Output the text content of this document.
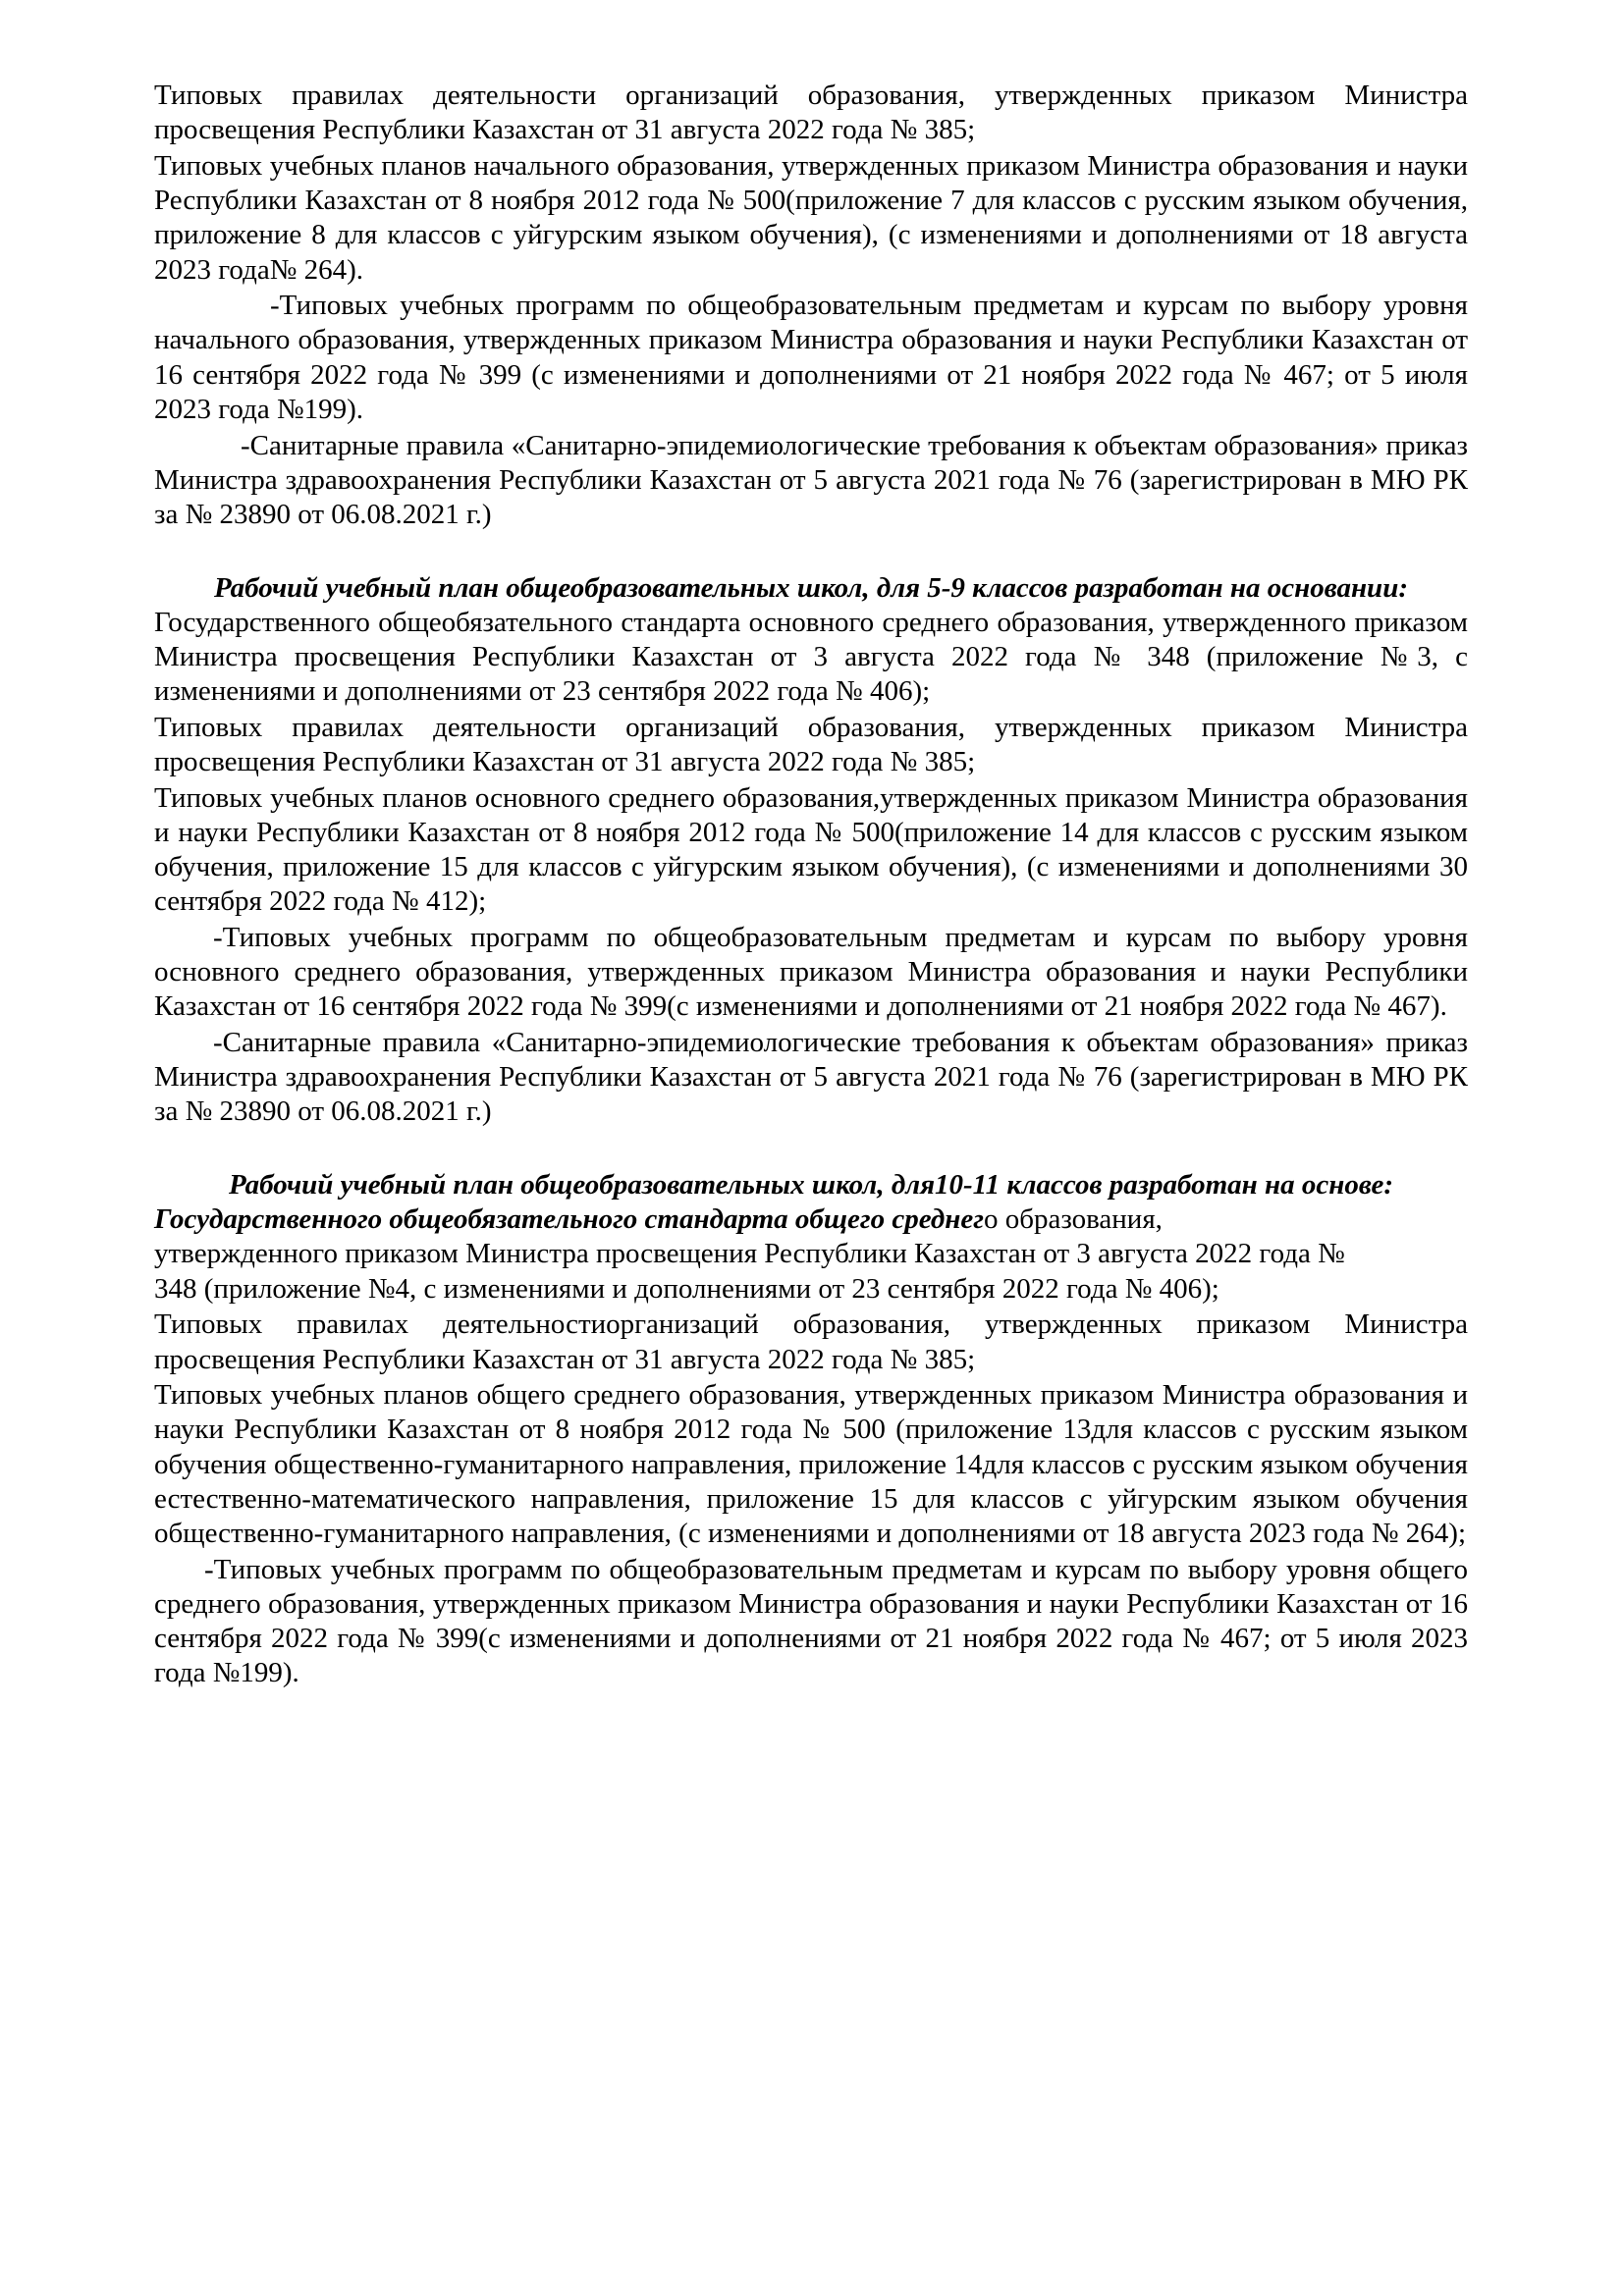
Типовых правилах деятельности организаций образования, утвержденных приказом Министра просвещения Республики Казахстан от 31 августа 2022 года № 385;

Типовых учебных планов начального образования, утвержденных приказом Министра образования и науки Республики Казахстан от 8 ноября 2012 года № 500(приложение 7 для классов с русским языком обучения, приложение 8 для классов с уйгурским языком обучения), (с изменениями и дополнениями от 18 августа 2023 года№ 264).

-Типовых учебных программ по общеобразовательным предметам и курсам по выбору уровня начального образования, утвержденных приказом Министра образования и науки Республики Казахстан от 16 сентября 2022 года № 399 (с изменениями и дополнениями от 21 ноября 2022 года № 467; от 5 июля 2023 года №199).

-Санитарные правила «Санитарно-эпидемиологические требования к объектам образования» приказ Министра здравоохранения Республики Казахстан от 5 августа 2021 года № 76 (зарегистрирован в МЮ РК за № 23890 от 06.08.2021 г.)

Рабочий учебный план общеобразовательных школ, для 5-9 классов разработан на основании:

Государственного общеобязательного стандарта основного среднего образования, утвержденного приказом Министра просвещения Республики Казахстан от 3 августа 2022 года № 348 (приложение №3, с изменениями и дополнениями от 23 сентября 2022 года № 406);

Типовых правилах деятельности организаций образования, утвержденных приказом Министра просвещения Республики Казахстан от 31 августа 2022 года № 385;

Типовых учебных планов основного среднего образования,утвержденных приказом Министра образования и науки Республики Казахстан от 8 ноября 2012 года № 500(приложение 14 для классов с русским языком обучения, приложение 15 для классов с уйгурским языком обучения), (с изменениями и дополнениями 30 сентября 2022 года № 412);

-Типовых учебных программ по общеобразовательным предметам и курсам по выбору уровня основного среднего образования, утвержденных приказом Министра образования и науки Республики Казахстан от 16 сентября 2022 года № 399(с изменениями и дополнениями от 21 ноября 2022 года № 467).

-Санитарные правила «Санитарно-эпидемиологические требования к объектам образования» приказ Министра здравоохранения Республики Казахстан от 5 августа 2021 года № 76 (зарегистрирован в МЮ РК за № 23890 от 06.08.2021 г.)

Рабочий учебный план общеобразовательных школ, для10-11 классов разработан на основе:

Государственного общеобязательного стандарта общего среднего образования, утвержденного приказом Министра просвещения Республики Казахстан от 3 августа 2022 года № 348 (приложение №4, с изменениями и дополнениями от 23 сентября 2022 года № 406);

Типовых правилах деятельностиорганизаций образования, утвержденных приказом Министра просвещения Республики Казахстан от 31 августа 2022 года № 385;

Типовых учебных планов общего среднего образования, утвержденных приказом Министра образования и науки Республики Казахстан от 8 ноября 2012 года № 500 (приложение 13для классов с русским языком обучения общественно-гуманитарного направления, приложение 14для классов с русским языком обучения естественно-математического направления, приложение 15 для классов с уйгурским языком обучения общественно-гуманитарного направления, (с изменениями и дополнениями от 18 августа 2023 года № 264);

-Типовых учебных программ по общеобразовательным предметам и курсам по выбору уровня общего среднего образования, утвержденных приказом Министра образования и науки Республики Казахстан от 16 сентября 2022 года № 399(с изменениями и дополнениями от 21 ноября 2022 года № 467; от 5 июля 2023 года №199).
